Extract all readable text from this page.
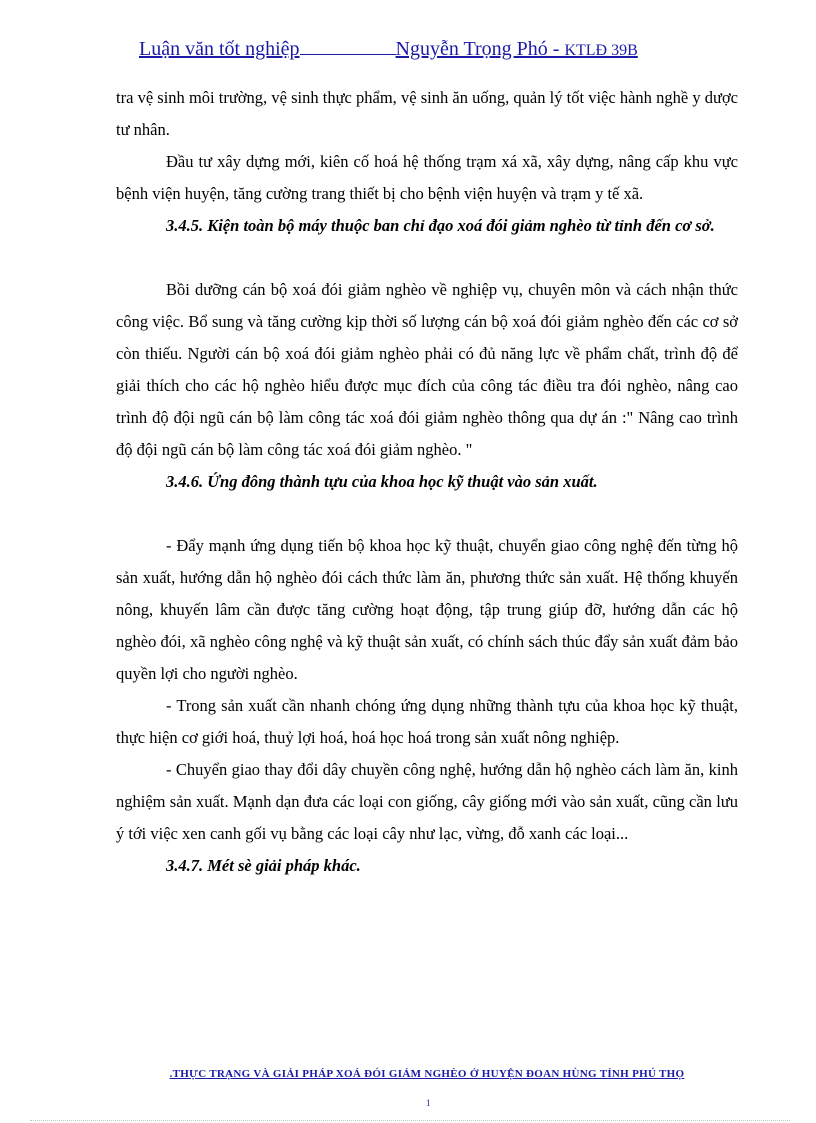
Luận văn tốt nghiệp	Nguyễn Trọng Phó - KTLĐ 39B

tra vệ sinh môi trường, vệ sinh thực phẩm, vệ sinh ăn uống, quản lý tốt việc hành nghề y dược tư nhân.

Đầu tư xây dựng mới, kiên cố hoá hệ thống trạm xá xã, xây dựng, nâng cấp khu vực bệnh viện huyện, tăng cường trang thiết bị cho bệnh viện huyện và trạm y tế xã.

3.4.5. Kiện toàn bộ máy thuộc ban chỉ đạo xoá đói giảm nghèo từ tỉnh đến cơ sở.

Bồi dưỡng cán bộ xoá đói giảm nghèo về nghiệp vụ, chuyên môn và cách nhận thức công việc. Bổ sung và tăng cường kịp thời số lượng cán bộ xoá đói giảm nghèo đến các cơ sở còn thiếu. Người cán bộ xoá đói giảm nghèo phải có đủ năng lực về phẩm chất, trình độ để giải thích cho các hộ nghèo hiểu được mục đích của công tác điều tra đói nghèo, nâng cao trình độ đội ngũ cán bộ làm công tác xoá đói giảm nghèo thông qua dự án :" Nâng cao trình độ đội ngũ cán bộ làm công tác xoá đói giảm nghèo. "

3.4.6. Ứng đông thành tựu của khoa học kỹ thuật vào sản xuất.

- Đẩy mạnh ứng dụng tiến bộ khoa học kỹ thuật, chuyển giao công nghệ đến từng hộ sản xuất, hướng dẫn hộ nghèo đói cách thức làm ăn, phương thức sản xuất. Hệ thống khuyến nông, khuyến lâm cần được tăng cường hoạt động, tập trung giúp đỡ, hướng dẫn các hộ nghèo đói, xã nghèo công nghệ và kỹ thuật sản xuất, có chính sách thúc đẩy sản xuất đảm bảo quyền lợi cho người nghèo.

- Trong sản xuất cần nhanh chóng ứng dụng những thành tựu của khoa học kỹ thuật, thực hiện cơ giới hoá, thuỷ lợi hoá, hoá học hoá trong sản xuất nông nghiệp.

- Chuyển giao thay đổi dây chuyền công nghệ, hướng dẫn hộ nghèo cách làm ăn, kinh nghiệm sản xuất. Mạnh dạn đưa các loại con giống, cây giống mới vào sản xuất, cũng cần lưu ý tới việc xen canh gối vụ bằng các loại cây như lạc, vừng, đỗ xanh các loại...

3.4.7. Mét sè giải pháp khác.

.THỰC TRẠNG VÀ GIẢI PHÁP XOÁ ĐÓI GIẢM NGHÈO Ở HUYỆN ĐOAN HÙNG TỈNH PHÚ THỌ
1
